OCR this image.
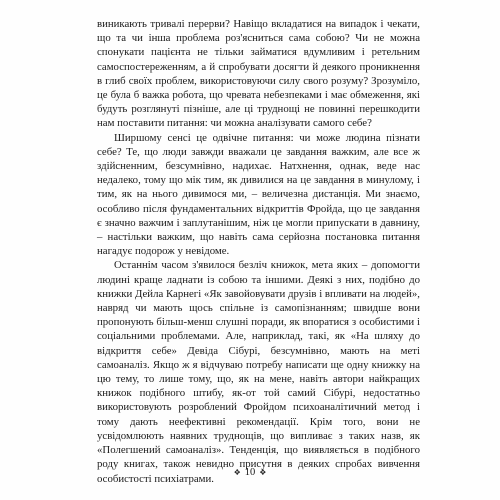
виникають тривалі перерви? Навіщо вкладатися на випадок і чекати, що та чи інша проблема роз'ясниться сама собою? Чи не можна спонукати пацієнта не тільки займатися вдумливим і ретельним самоспостереженням, а й спробувати досягти й деякого проникнення в глиб своїх проблем, використовуючи силу свого розуму? Зрозуміло, це була б важка робота, що чревата небезпеками і має обмеження, які будуть розглянуті пізніше, але ці труднощі не повинні перешкодити нам поставити питання: чи можна аналізувати самого себе?

Ширшому сенсі це одвічне питання: чи може людина пізнати себе? Те, що люди завжди вважали це завдання важким, але все ж здійсненним, безсумнівно, надихає. Натхнення, однак, веде нас недалеко, тому що мік тим, як дивилися на це завдання в минулому, і тим, як на нього дивимося ми, – величезна дистанція. Ми знаємо, особливо після фундаментальних відкриттів Фройда, що це завдання є значно важчим і заплутанішим, ніж це могли припускати в давнину, – настільки важким, що навіть сама серйозна постановка питання нагадує подорож у невідоме.

Останнім часом з'явилося безліч книжок, мета яких – допомогти людині краще ладнати із собою та іншими. Деякі з них, подібно до книжки Дейла Карнегі «Як завойовувати друзів і впливати на людей», навряд чи мають щось спільне із самопізнанням; швидше вони пропонують більш-менш слушні поради, як впоратися з особистими і соціальними проблемами. Але, наприклад, такі, як «На шляху до відкриття себе» Девіда Сібурі, безсумнівно, мають на меті самоаналіз. Якщо ж я відчуваю потребу написати ще одну книжку на цю тему, то лише тому, що, як на мене, навіть автори найкращих книжок подібного штибу, як-от той самий Сібурі, недостатньо використовують розроблений Фройдом психоаналітичний метод і тому дають неефективні рекомендації. Крім того, вони не усвідомлюють наявних труднощів, що випливає з таких назв, як «Полегшений самоаналіз». Тенденція, що виявляється в подібного роду книгах, також невидно присутня в деяких спробах вивчення особистості психіатрами.	❖ 10 ❖
